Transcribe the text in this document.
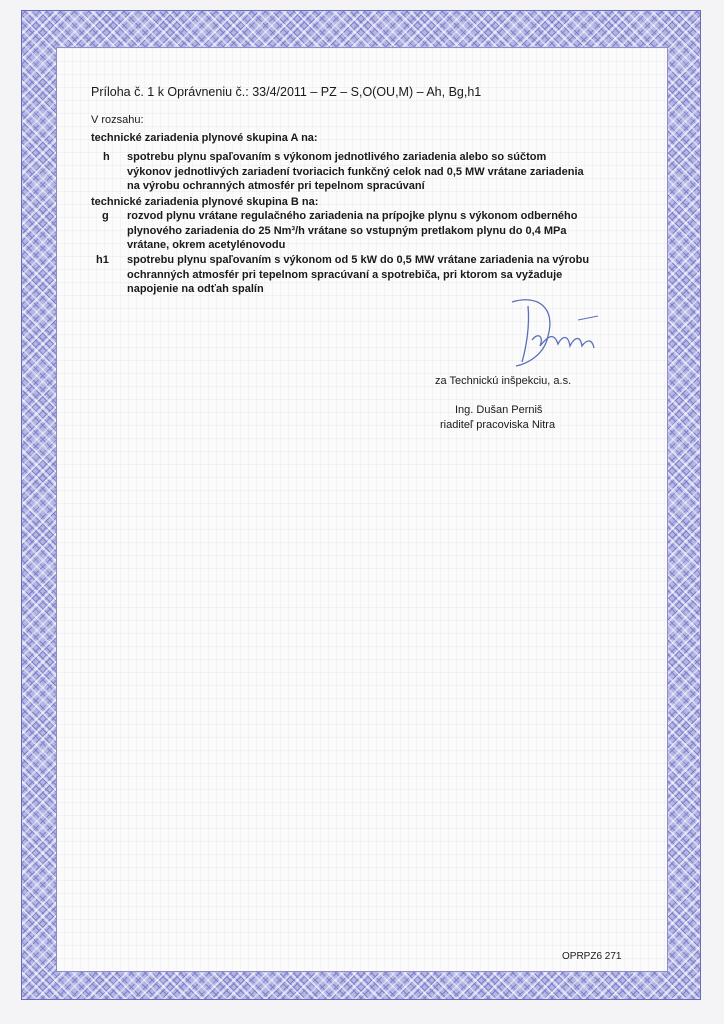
Príloha č. 1 k Oprávneniu č.: 33/4/2011 – PZ – S,O(OU,M) – Ah, Bg,h1
V rozsahu:
technické zariadenia plynové skupina A na:
h spotrebu plynu spaľovaním s výkonom jednotlivého zariadenia alebo so súčtom
výkonov jednotlivých zariadení tvoriacich funkčný celok nad 0,5 MW vrátane zariadenia
na výrobu ochranných atmosfér pri tepelnom spracúvaní
technické zariadenia plynové skupina B na:
g rozvod plynu vrátane regulačného zariadenia na prípojke plynu s výkonom odberného
plynového zariadenia do 25 Nm³/h vrátane so vstupným pretlakom plynu do 0,4 MPa
vrátane, okrem acetylénovodu
h1 spotrebu plynu spaľovaním s výkonom od 5 kW do 0,5 MW vrátane zariadenia na výrobu
ochranných atmosfér pri tepelnom spracúvaní a spotrebiča, pri ktorom sa vyžaduje
napojenie na odťah spalín
za Technickú inšpekciu, a.s.
Ing. Dušan Perniš
riaditeľ pracoviska Nitra
OPRPZ6 271
